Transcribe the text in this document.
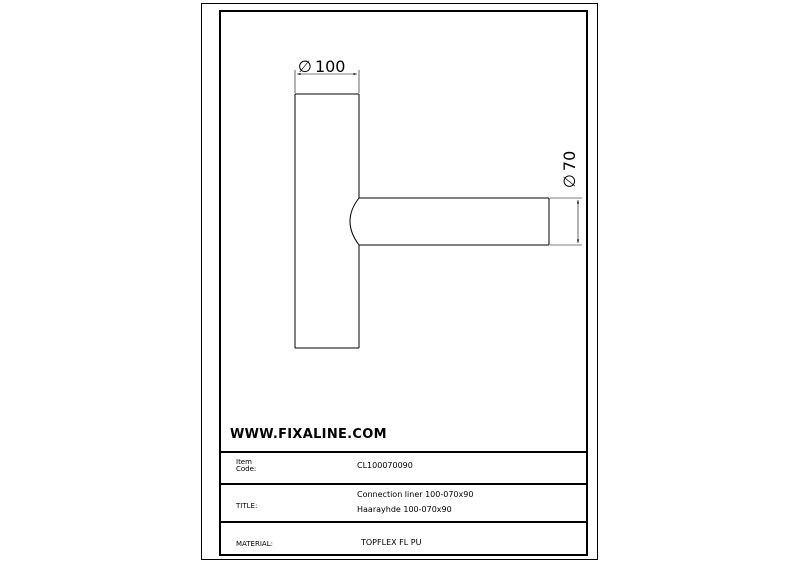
∅ 100
∅70
WWW.FIXALINE.COM
Item
Code:	CL100070090
TITLE:
Connection liner 100-070x90
Haarayhde 100-070x90
MATERIAL:	TOPFLEX FL PU
